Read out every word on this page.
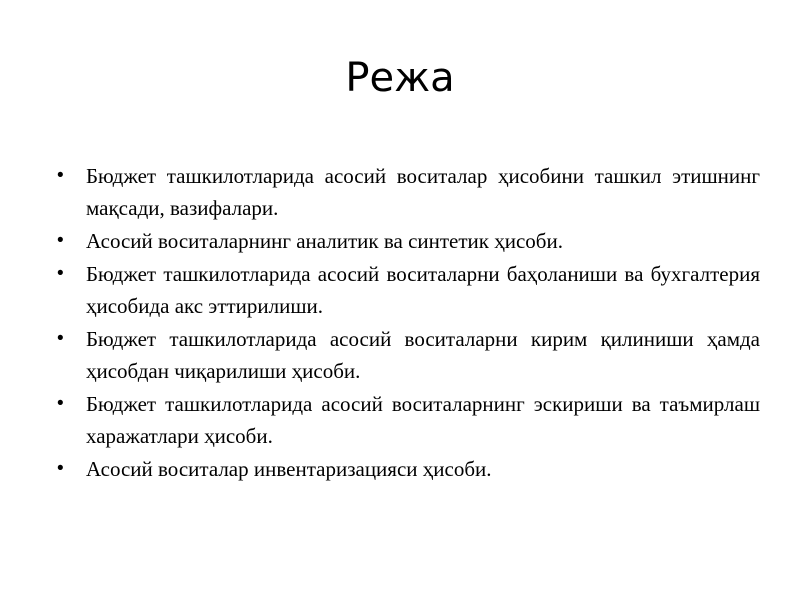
Режа
•	Бюджет ташкилотларида асосий воситалар ҳисобини ташкил этишнинг мақсади, вазифалари.
•	Асосий воситаларнинг аналитик ва синтетик ҳисоби.
•	Бюджет ташкилотларида асосий воситаларни баҳоланиши ва бухгалтерия ҳисобида акс эттирилиши.
•	Бюджет ташкилотларида асосий воситаларни кирим қилиниши ҳамда ҳисобдан чиқарилиши ҳисоби.
•	Бюджет ташкилотларида асосий воситаларнинг эскириши ва таъмирлаш харажатлари ҳисоби.
•	Асосий воситалар инвентаризацияси ҳисоби.
